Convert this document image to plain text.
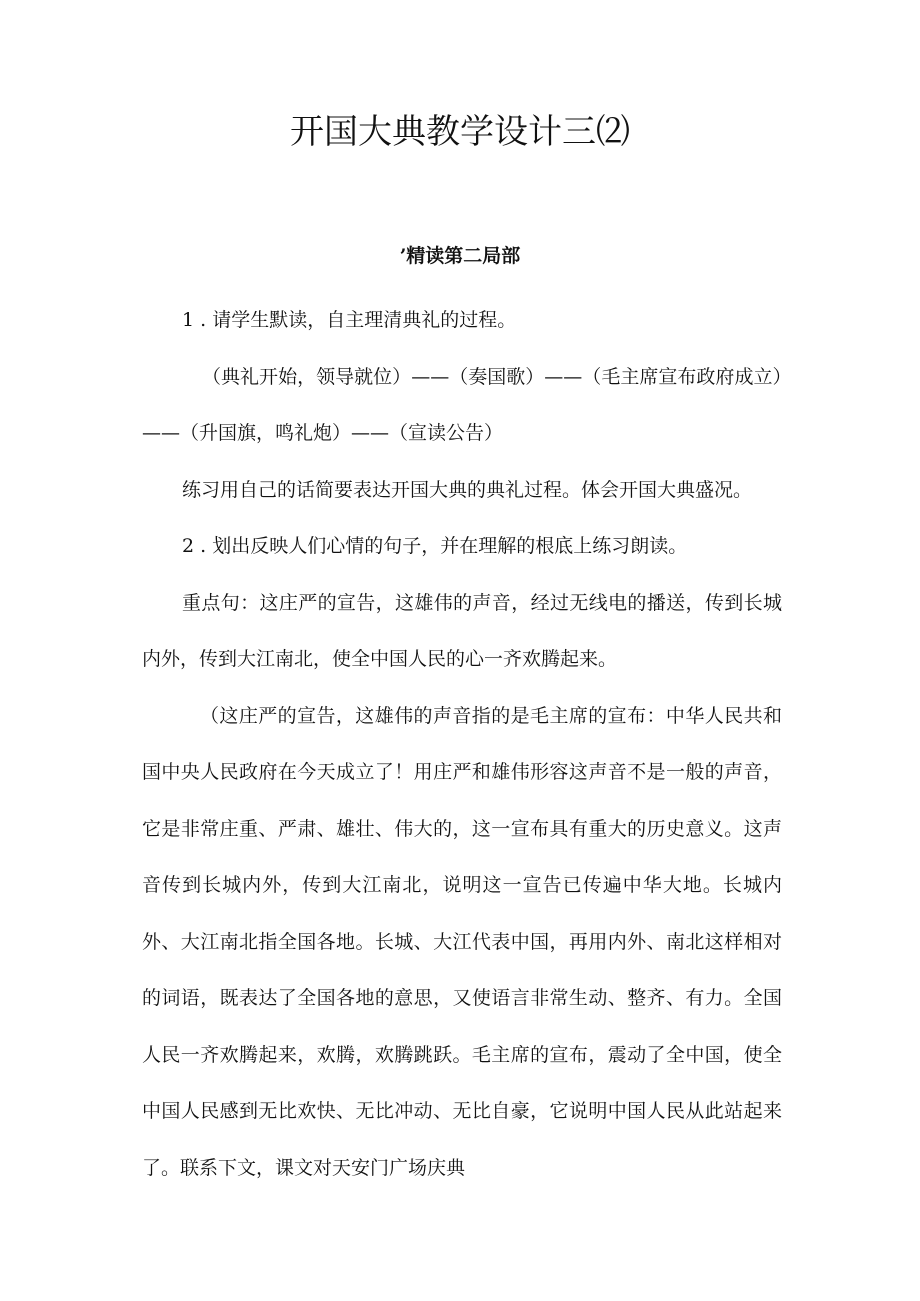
开国大典教学设计三⑵
’精读第二局部

1 . 请学生默读，自主理清典礼的过程。

（典礼开始，领导就位）——（奏国歌）——（毛主席宣布政府成立）——（升国旗，鸣礼炮）——（宣读公告）

练习用自己的话简要表达开国大典的典礼过程。体会开国大典盛况。

2 . 划出反映人们心情的句子，并在理解的根底上练习朗读。

重点句：这庄严的宣告，这雄伟的声音，经过无线电的播送，传到长城内外，传到大江南北，使全中国人民的心一齐欢腾起来。

（这庄严的宣告，这雄伟的声音指的是毛主席的宣布：中华人民共和国中央人民政府在今天成立了！用庄严和雄伟形容这声音不是一般的声音，它是非常庄重、严肃、雄壮、伟大的，这一宣布具有重大的历史意义。这声音传到长城内外，传到大江南北，说明这一宣告已传遍中华大地。长城内外、大江南北指全国各地。长城、大江代表中国，再用内外、南北这样相对的词语，既表达了全国各地的意思，又使语言非常生动、整齐、有力。全国人民一齐欢腾起来，欢腾，欢腾跳跃。毛主席的宣布，震动了全中国，使全中国人民感到无比欢快、无比冲动、无比自豪，它说明中国人民从此站起来了。联系下文，课文对天安门广场庆典
